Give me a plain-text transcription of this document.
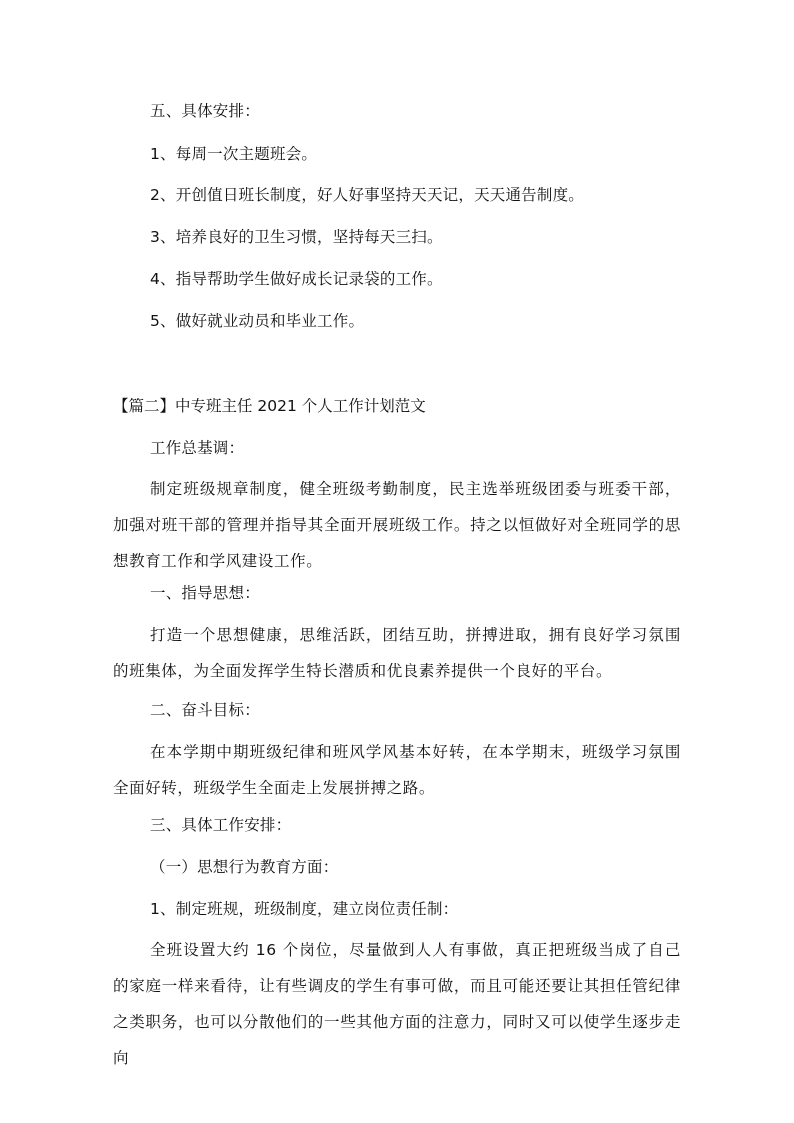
五、具体安排：
1、每周一次主题班会。
2、开创值日班长制度，好人好事坚持天天记，天天通告制度。
3、培养良好的卫生习惯，坚持每天三扫。
4、指导帮助学生做好成长记录袋的工作。
5、做好就业动员和毕业工作。
【篇二】中专班主任 2021 个人工作计划范文
工作总基调：
制定班级规章制度，健全班级考勤制度，民主选举班级团委与班委干部，加强对班干部的管理并指导其全面开展班级工作。持之以恒做好对全班同学的思想教育工作和学风建设工作。
一、指导思想：
打造一个思想健康，思维活跃，团结互助，拼搏进取，拥有良好学习氛围的班集体，为全面发挥学生特长潜质和优良素养提供一个良好的平台。
二、奋斗目标：
在本学期中期班级纪律和班风学风基本好转，在本学期末，班级学习氛围全面好转，班级学生全面走上发展拼搏之路。
三、具体工作安排：
（一）思想行为教育方面：
1、制定班规，班级制度，建立岗位责任制：
全班设置大约 16 个岗位，尽量做到人人有事做，真正把班级当成了自己的家庭一样来看待，让有些调皮的学生有事可做，而且可能还要让其担任管纪律之类职务，也可以分散他们的一些其他方面的注意力，同时又可以使学生逐步走向
